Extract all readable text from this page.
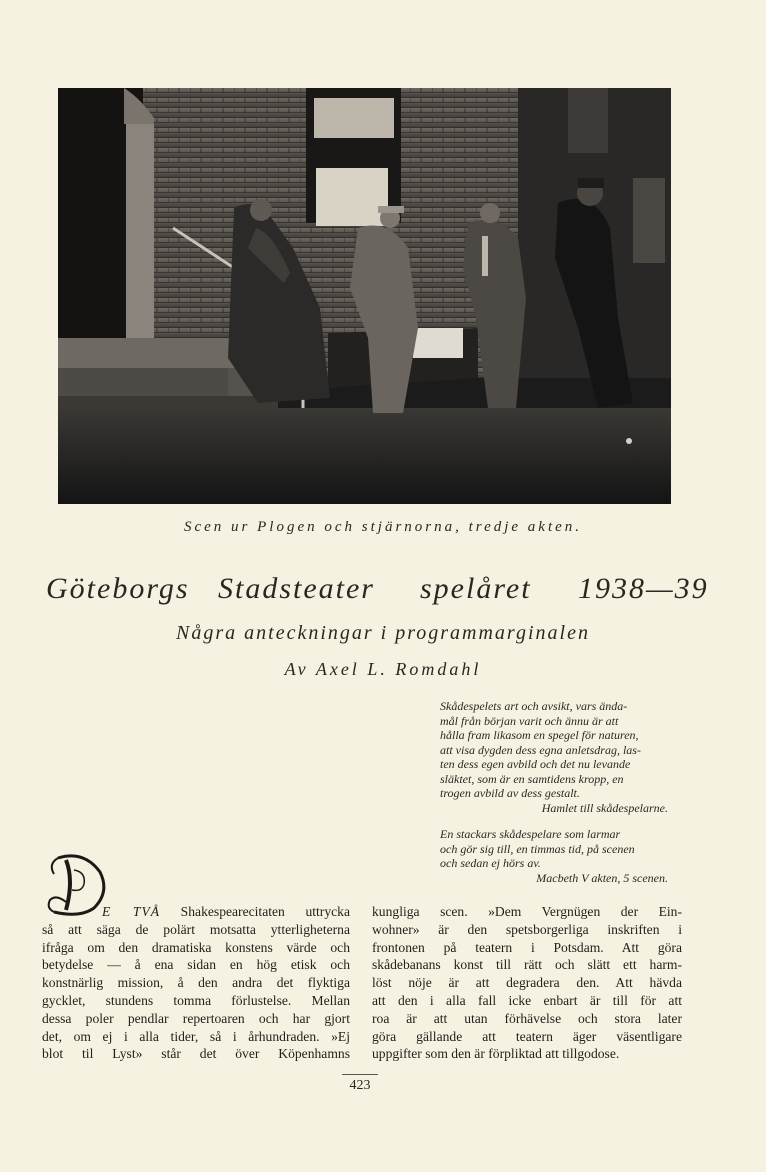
Scen ur Plogen och stjärnorna, tredje akten.
Göteborgs Stadsteater spelåret 1938—39
Några anteckningar i programmarginalen
Av Axel L. Romdahl
Skådespelets art och avsikt, vars ända-
mål från början varit och ännu är att
hålla fram likasom en spegel för naturen,
att visa dygden dess egna anletsdrag, las-
ten dess egen avbild och det nu levande
släktet, som är en samtidens kropp, en
trogen avbild av dess gestalt.
Hamlet till skådespelarne.
En stackars skådespelare som larmar
och gör sig till, en timmas tid, på scenen
och sedan ej hörs av.
Macbeth V akten, 5 scenen.
E TVÅ Shakespearecitaten uttrycka
så att säga de polärt motsatta ytterligheterna
ifråga om den dramatiska konstens värde och
betydelse — å ena sidan en hög etisk och
konstnärlig mission, å den andra det flyktiga
gycklet, stundens tomma förlustelse. Mellan
dessa poler pendlar repertoaren och har gjort
det, om ej i alla tider, så i århundraden. »Ej
blot til Lyst» står det över Köpenhamns
kungliga scen. »Dem Vergnügen der Ein-
wohner» är den spetsborgerliga inskriften i
frontonen på teatern i Potsdam. Att göra
skådebanans konst till rätt och slätt ett harm-
löst nöje är att degradera den. Att hävda
att den i alla fall icke enbart är till för att
roa är att utan förhävelse och stora later
göra gällande att teatern äger väsentligare
uppgifter som den är förpliktad att tillgodose.
423
